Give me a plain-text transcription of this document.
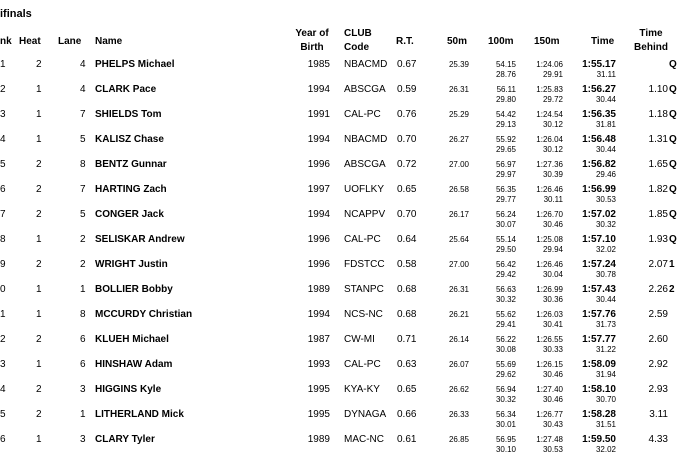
ifinals
nk Heat Lane Name
Year of
Birth
CLUB
Code
R.T.	50m 100m 150m	Time
Time
Behind
1	2	4 PHELPS Michael	1985 NBACMD 0.67	25.39	54.15	1:24.06	1:55.17	Q
28.76	29.91	31.11
2	1	4 CLARK Pace	1994 ABSCGA	0.59	26.31	56.11	1:25.83	1:56.27	1.10 Q
29.80	29.72	30.44
3	1	7 SHIELDS Tom	1991 CAL-PC	0.76	25.29	54.42	1:24.54	1:56.35	1.18 Q
29.13	30.12	31.81
4	1	5 KALISZ Chase	1994 NBACMD 0.70	26.27	55.92	1:26.04	1:56.48	1.31 Q
29.65	30.12	30.44
5	2	8 BENTZ Gunnar	1996 ABSCGA	0.72	27.00	56.97	1:27.36	1:56.82	1.65 Q
29.97	30.39	29.46
6	2	7 HARTING Zach	1997 UOFLKY	0.65	26.58	56.35	1:26.46	1:56.99	1.82 Q
29.77	30.11	30.53
7	2	5 CONGER Jack	1994 NCAPPV	0.70	26.17	56.24	1:26.70	1:57.02	1.85 Q
30.07	30.46	30.32
8	1	2 SELISKAR Andrew	1996 CAL-PC	0.64	25.64	55.14	1:25.08	1:57.10	1.93 Q
29.50	29.94	32.02
9	2	2 WRIGHT Justin	1996 FDSTCC	0.58	27.00	56.42	1:26.46	1:57.24	2.07 1
29.42	30.04	30.78
0	1	1 BOLLIER Bobby	1989 STANPC	0.68	26.31	56.63	1:26.99	1:57.43	2.26 2
30.32	30.36	30.44
1	1	8 MCCURDY Christian	1994 NCS-NC	0.68	26.21	55.62	1:26.03	1:57.76	2.59
29.41	30.41	31.73
2	2	6 KLUEH Michael	1987 CW-MI	0.71	26.14	56.22	1:26.55	1:57.77	2.60
30.08	30.33	31.22
3	1	6 HINSHAW Adam	1993 CAL-PC	0.63	26.07	55.69	1:26.15	1:58.09	2.92
29.62	30.46	31.94
4	2	3 HIGGINS Kyle	1995 KYA-KY	0.65	26.62	56.94	1:27.40	1:58.10	2.93
30.32	30.46	30.70
5	2	1 LITHERLAND Mick	1995 DYNAGA	0.66	26.33	56.34	1:26.77	1:58.28	3.11
30.01	30.43	31.51
6	1	3 CLARY Tyler	1989 MAC-NC	0.61	26.85	56.95	1:27.48	1:59.50	4.33
30.10	30.53	32.02
